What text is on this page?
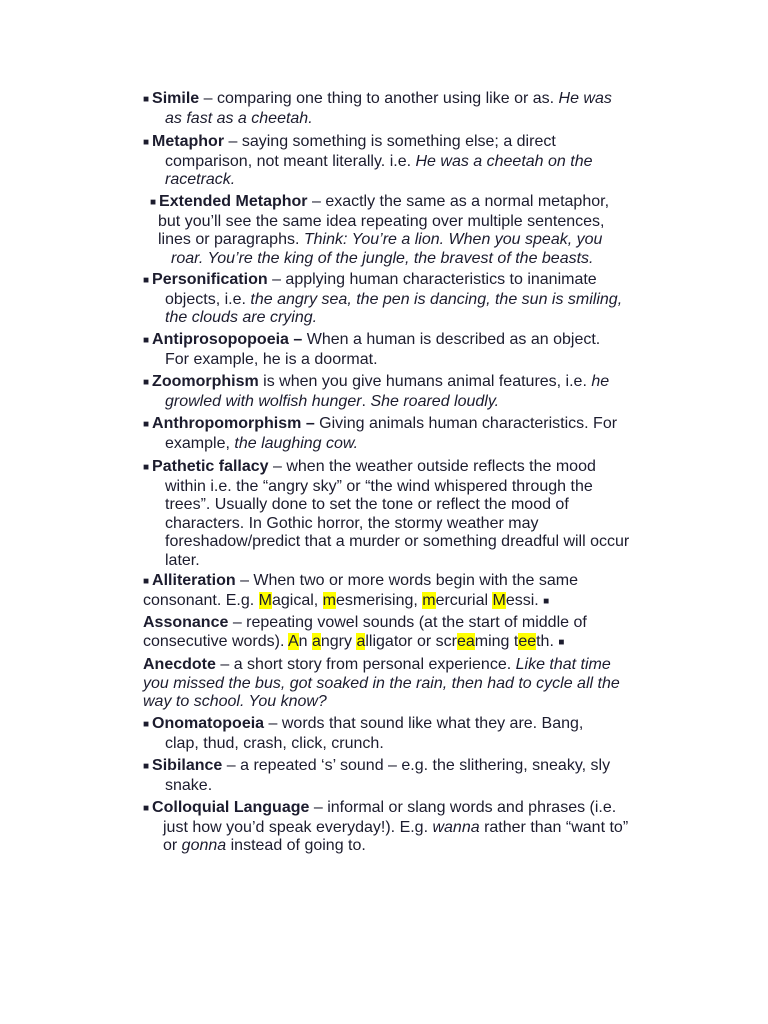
■ Simile – comparing one thing to another using like or as. He was
as fast as a cheetah.
■ Metaphor – saying something is something else; a direct
comparison, not meant literally. i.e. He was a cheetah on the
racetrack.
■ Extended Metaphor – exactly the same as a normal metaphor,
but you’ll see the same idea repeating over multiple sentences,
lines or paragraphs. Think: You’re a lion. When you speak, you
roar. You’re the king of the jungle, the bravest of the beasts.
■ Personification – applying human characteristics to inanimate
objects, i.e. the angry sea, the pen is dancing, the sun is smiling,
the clouds are crying.
■ Antiprosopopoeia – When a human is described as an object.
For example, he is a doormat.
■ Zoomorphism is when you give humans animal features, i.e. he
growled with wolfish hunger. She roared loudly.
■ Anthropomorphism – Giving animals human characteristics. For
example, the laughing cow.
■ Pathetic fallacy – when the weather outside reflects the mood
within i.e. the “angry sky” or “the wind whispered through the
trees”. Usually done to set the tone or reflect the mood of
characters. In Gothic horror, the stormy weather may
foreshadow/predict that a murder or something dreadful will occur
later.
■ Alliteration – When two or more words begin with the same
consonant. E.g. Magical, mesmerising, mercurial Messi. ■
Assonance – repeating vowel sounds (at the start of middle of
consecutive words). An angry alligator or screaming teeth. ■
Anecdote – a short story from personal experience. Like that time
you missed the bus, got soaked in the rain, then had to cycle all the
way to school. You know?
■ Onomatopoeia – words that sound like what they are. Bang,
clap, thud, crash, click, crunch.
■ Sibilance – a repeated ‘s’ sound – e.g. the slithering, sneaky, sly
snake.
■ Colloquial Language – informal or slang words and phrases (i.e.
just how you’d speak everyday!). E.g. wanna rather than “want to”
or gonna instead of going to.
